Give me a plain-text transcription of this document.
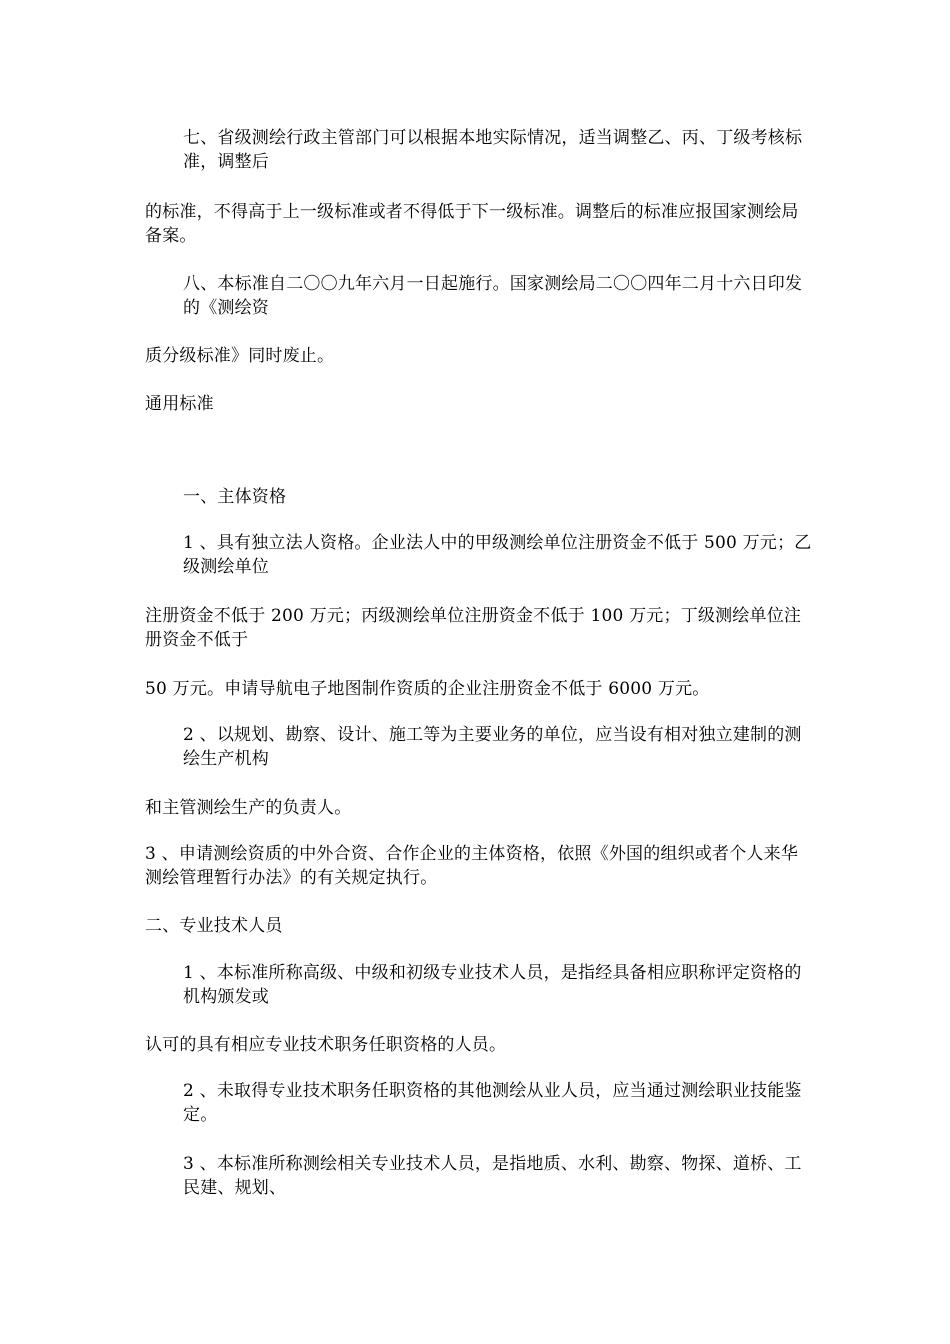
七、省级测绘行政主管部门可以根据本地实际情况，适当调整乙、丙、丁级考核标准，调整后

的标准，不得高于上一级标准或者不得低于下一级标准。调整后的标准应报国家测绘局备案。

八、本标准自二〇〇九年六月一日起施行。国家测绘局二〇〇四年二月十六日印发的《测绘资

质分级标准》同时废止。

通用标准

一、主体资格

1 、具有独立法人资格。企业法人中的甲级测绘单位注册资金不低于 500 万元；乙级测绘单位

注册资金不低于 200 万元；丙级测绘单位注册资金不低于 100 万元；丁级测绘单位注册资金不低于

50 万元。申请导航电子地图制作资质的企业注册资金不低于 6000 万元。

2 、以规划、勘察、设计、施工等为主要业务的单位，应当设有相对独立建制的测绘生产机构

和主管测绘生产的负责人。

3 、申请测绘资质的中外合资、合作企业的主体资格，依照《外国的组织或者个人来华测绘管理暂行办法》的有关规定执行。

二、专业技术人员

1 、本标准所称高级、中级和初级专业技术人员，是指经具备相应职称评定资格的机构颁发或

认可的具有相应专业技术职务任职资格的人员。

2 、未取得专业技术职务任职资格的其他测绘从业人员，应当通过测绘职业技能鉴定。

3 、本标准所称测绘相关专业技术人员，是指地质、水利、勘察、物探、道桥、工民建、规划、
